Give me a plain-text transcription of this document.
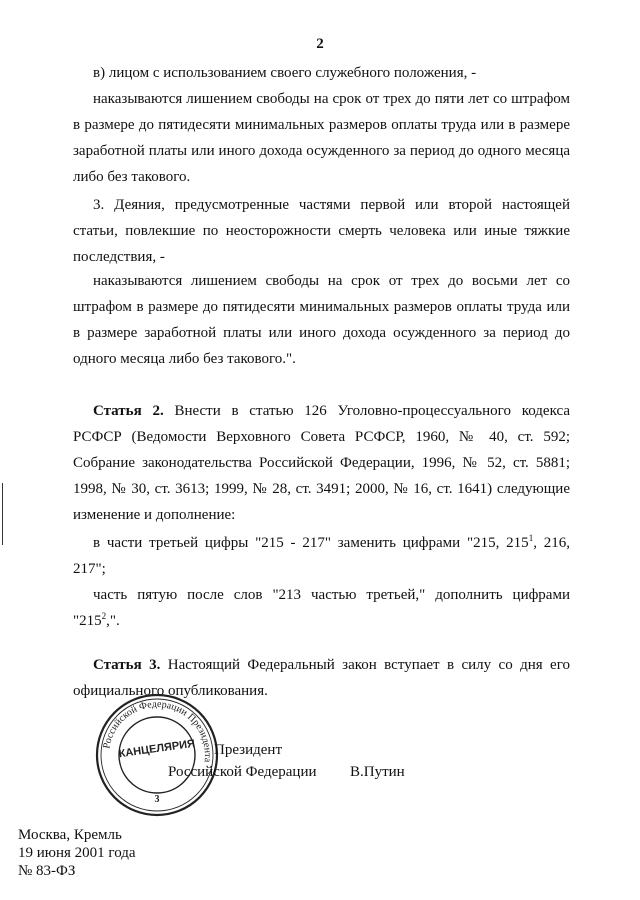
2
в) лицом с использованием своего служебного положения, -
наказываются лишением свободы на срок от трех до пяти лет со штрафом в размере до пятидесяти минимальных размеров оплаты труда или в размере заработной платы или иного дохода осужденного за период до одного месяца либо без такового.
3. Деяния, предусмотренные частями первой или второй настоящей статьи, повлекшие по неосторожности смерть человека или иные тяжкие последствия, -
наказываются лишением свободы на срок от трех до восьми лет со штрафом в размере до пятидесяти минимальных размеров оплаты труда или в размере заработной платы или иного дохода осужденного за период до одного месяца либо без такового.".
Статья 2. Внести в статью 126 Уголовно-процессуального кодекса РСФСР (Ведомости Верховного Совета РСФСР, 1960, № 40, ст. 592; Собрание законодательства Российской Федерации, 1996, № 52, ст. 5881; 1998, № 30, ст. 3613; 1999, № 28, ст. 3491; 2000, № 16, ст. 1641) следующие изменение и дополнение:
в части третьей цифры "215 - 217" заменить цифрами "215, $215^1$, 216, 217";
часть пятую после слов "213 частью третьей," дополнить цифрами "$215^2$,".
Статья 3. Настоящий Федеральный закон вступает в силу со дня его официального опубликования.
Российской Федерации Президента
КАНЦЕЛЯРИЯ
3
Президент
Российской Федерации В.Путин
Москва, Кремль
19 июня 2001 года
№ 83-ФЗ
